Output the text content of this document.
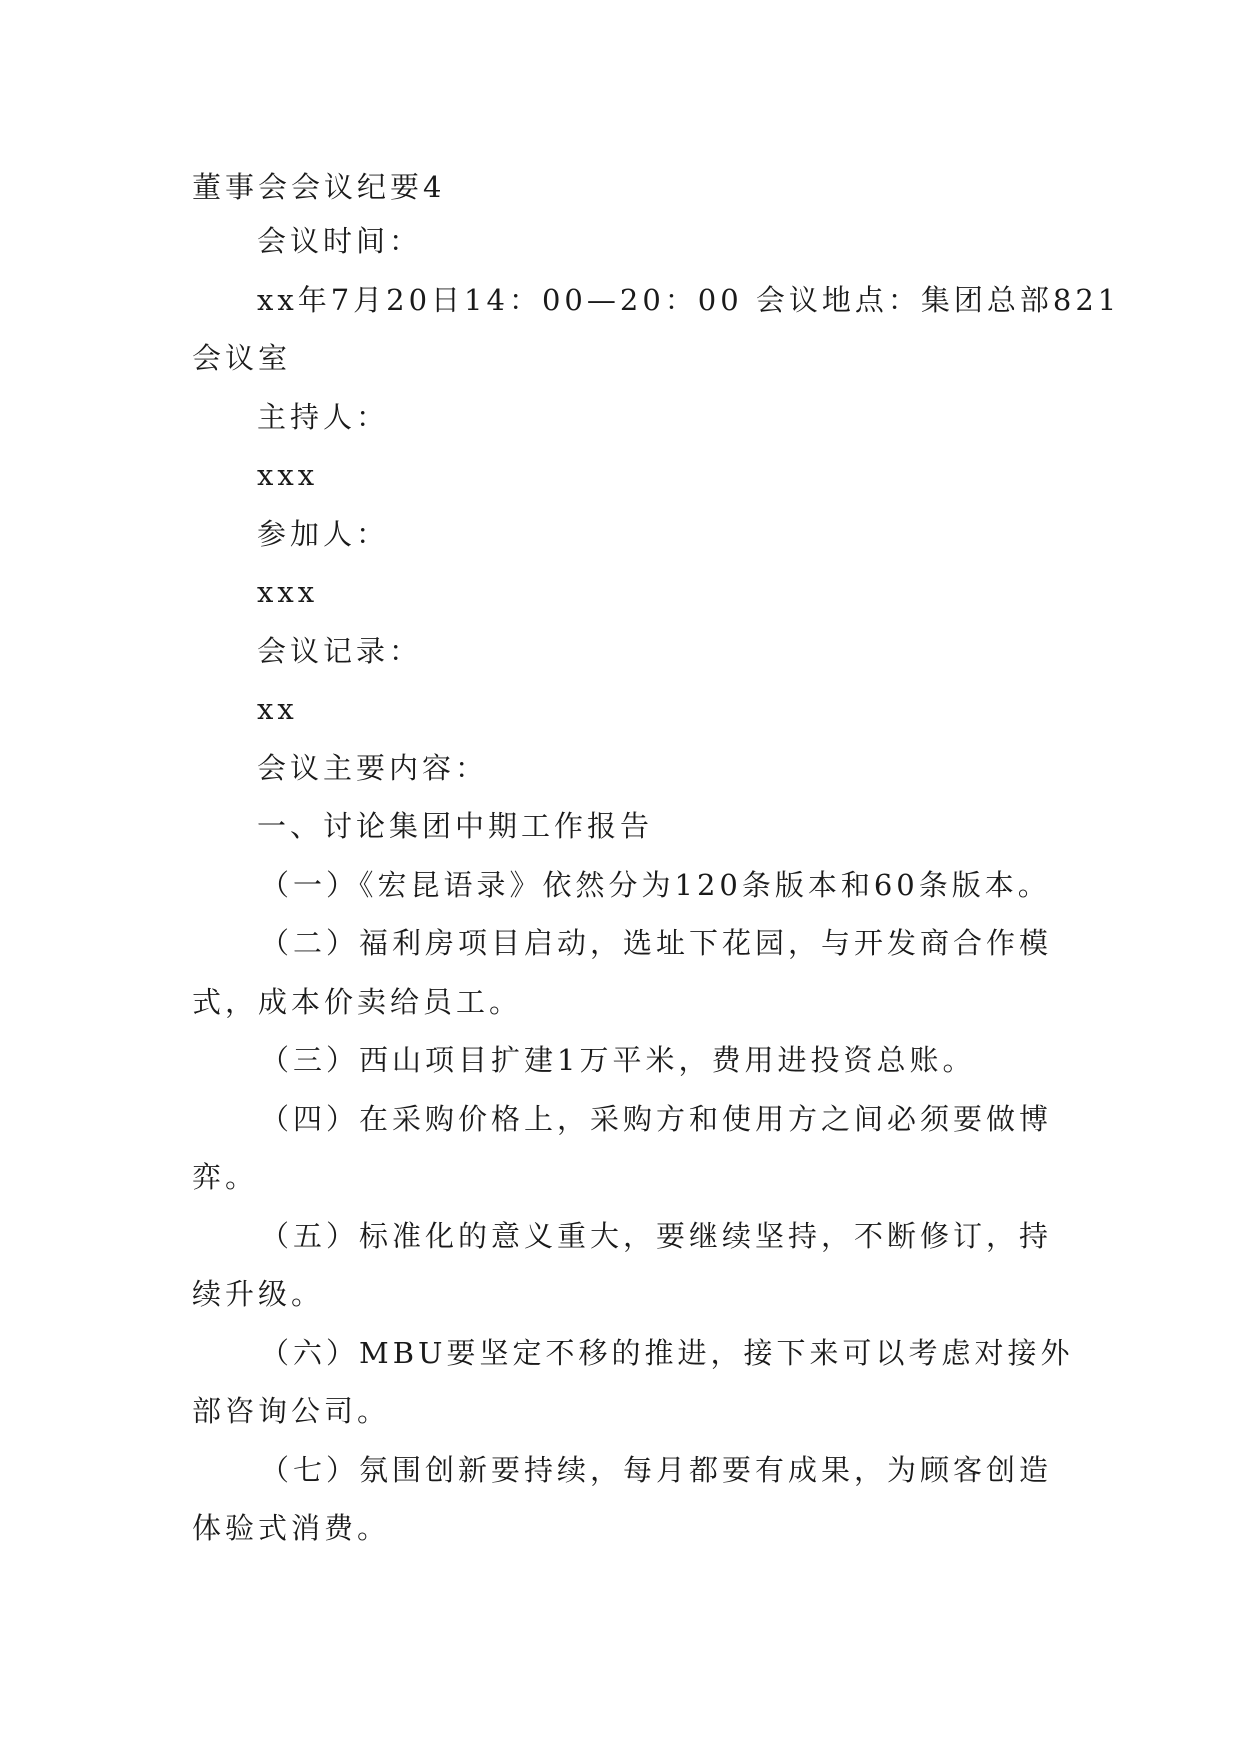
董事会会议纪要4
会议时间：
xx年7月20日14：00—20：00 会议地点：集团总部821
会议室
主持人：
xxx
参加人：
xxx
会议记录：
xx
会议主要内容：
一、讨论集团中期工作报告
（一）《宏昆语录》依然分为120条版本和60条版本。
（二）福利房项目启动，选址下花园，与开发商合作模
式，成本价卖给员工。
（三）西山项目扩建1万平米，费用进投资总账。
（四）在采购价格上，采购方和使用方之间必须要做博
弈。
（五）标准化的意义重大，要继续坚持，不断修订，持
续升级。
（六）MBU要坚定不移的推进，接下来可以考虑对接外
部咨询公司。
（七）氛围创新要持续，每月都要有成果，为顾客创造
体验式消费。
